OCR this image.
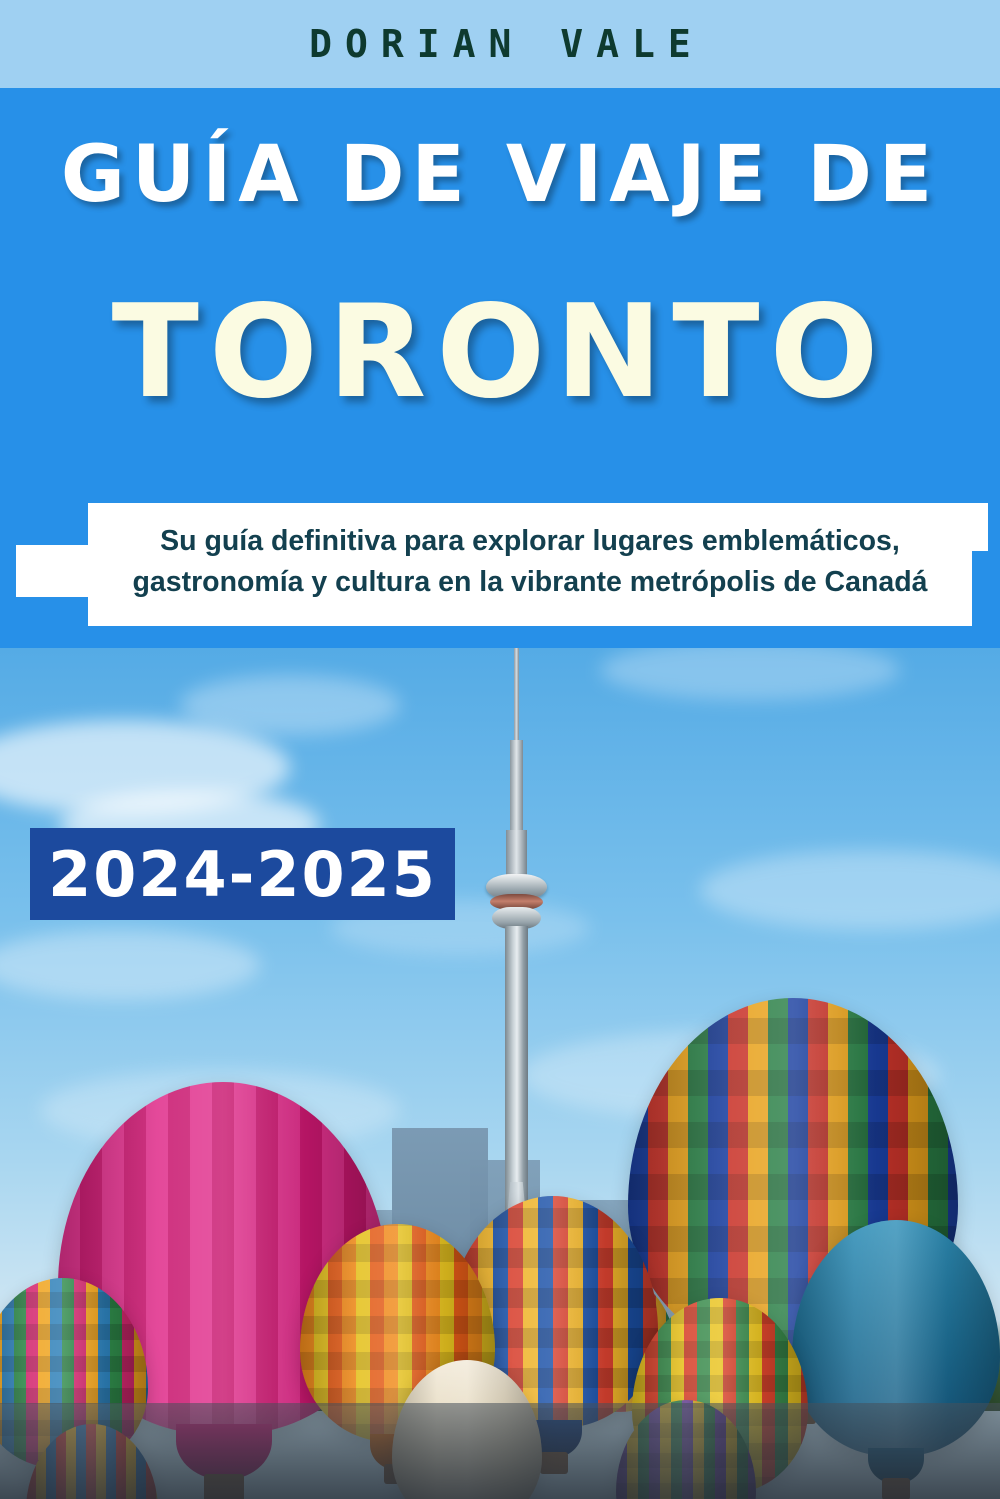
DORIAN VALE
GUÍA DE VIAJE DE
TORONTO
Su guía definitiva para explorar lugares emblemáticos,
gastronomía y cultura en la vibrante metrópolis de Canadá
2024-2025
